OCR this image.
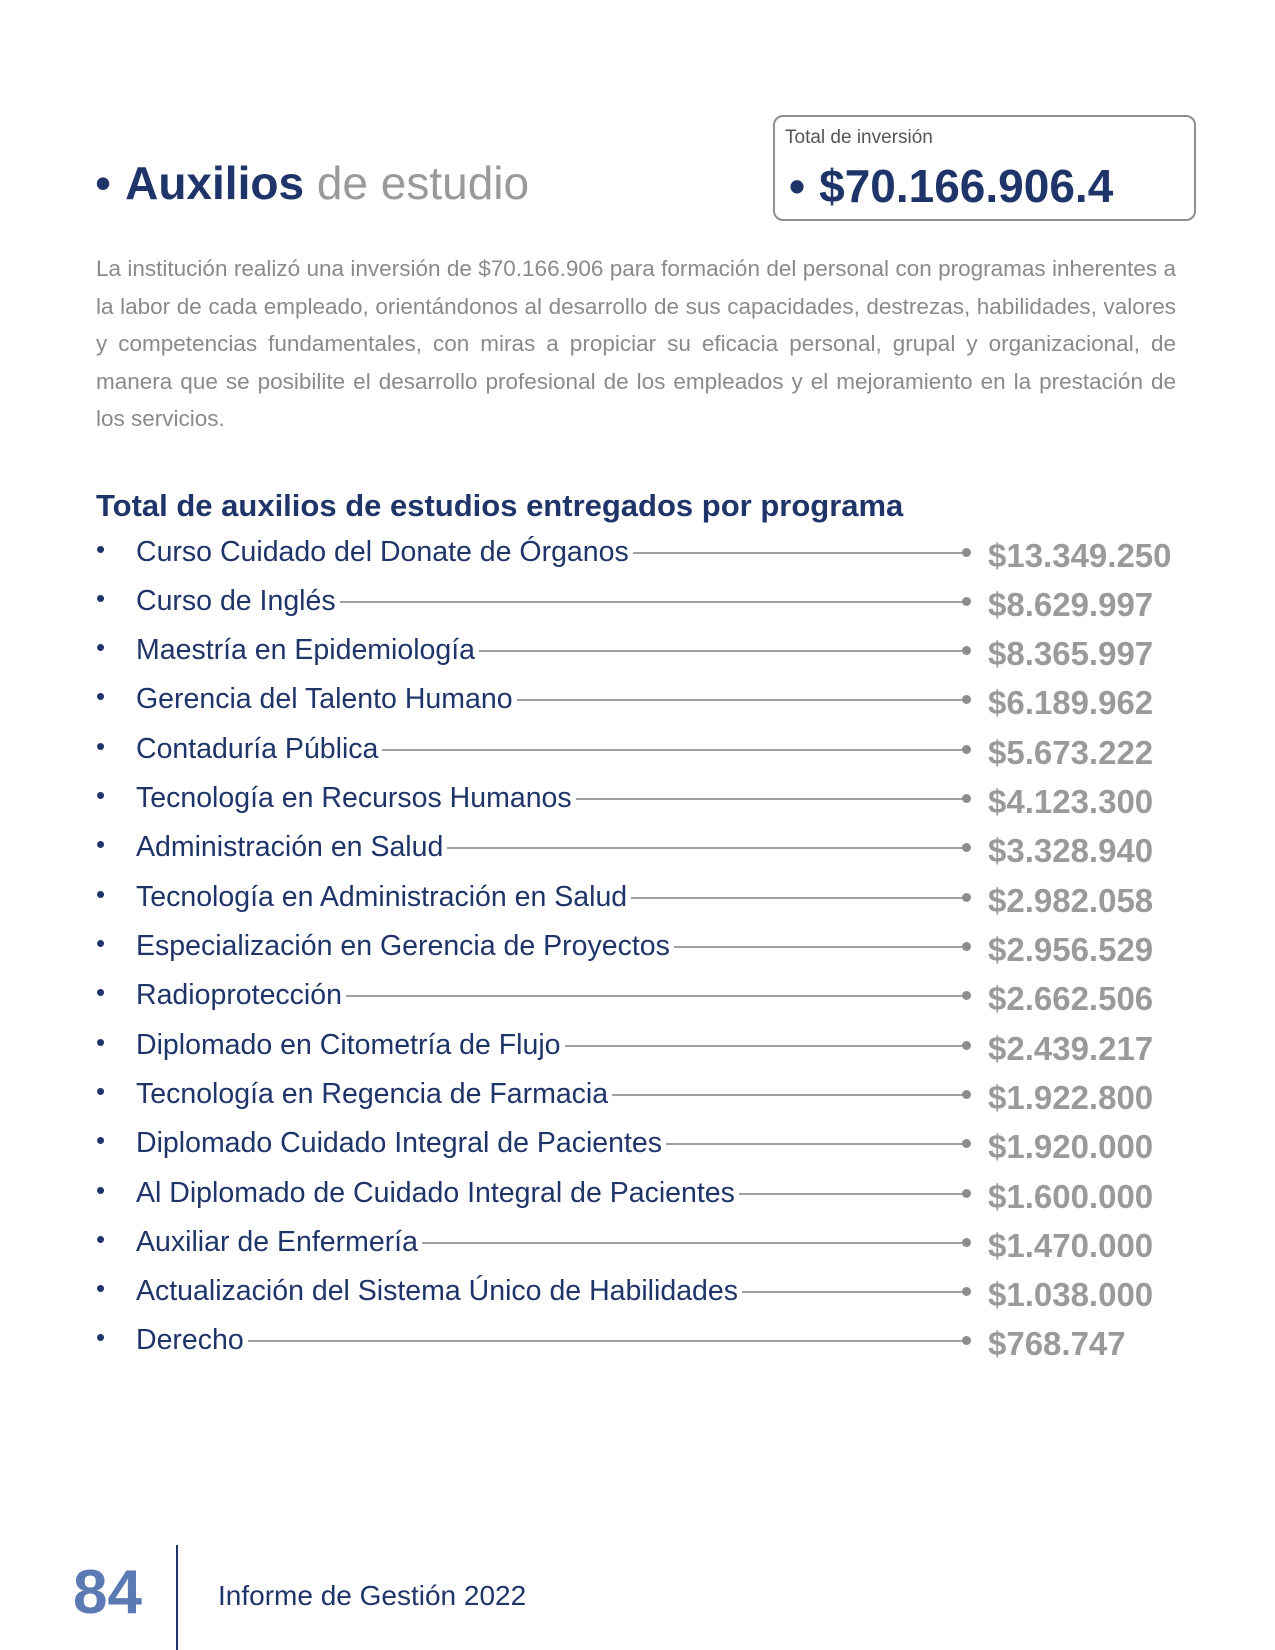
• Auxilios de estudio
Total de inversión
• $70.166.906.4

La institución realizó una inversión de $70.166.906 para formación del personal con programas inherentes a la labor de cada empleado, orientándonos al desarrollo de sus capacidades, destrezas, habilidades, valores y competencias fundamentales, con miras a propiciar su eficacia personal, grupal y organizacional, de manera que se posibilite el desarrollo profesional de los empleados y el mejoramiento en la prestación de los servicios.

Total de auxilios de estudios entregados por programa
• Curso Cuidado del Donate de Órganos	$13.349.250
• Curso de Inglés	$8.629.997
• Maestría en Epidemiología	$8.365.997
• Gerencia del Talento Humano	$6.189.962
• Contaduría Pública	$5.673.222
• Tecnología en Recursos Humanos	$4.123.300
• Administración en Salud	$3.328.940
• Tecnología en Administración en Salud	$2.982.058
• Especialización en Gerencia de Proyectos	$2.956.529
• Radioprotección	$2.662.506
• Diplomado en Citometría de Flujo	$2.439.217
• Tecnología en Regencia de Farmacia	$1.922.800
• Diplomado Cuidado Integral de Pacientes	$1.920.000
• Al Diplomado de Cuidado Integral de Pacientes	$1.600.000
• Auxiliar de Enfermería	$1.470.000
• Actualización del Sistema Único de Habilidades	$1.038.000
• Derecho	$768.747
84	Informe de Gestión 2022
